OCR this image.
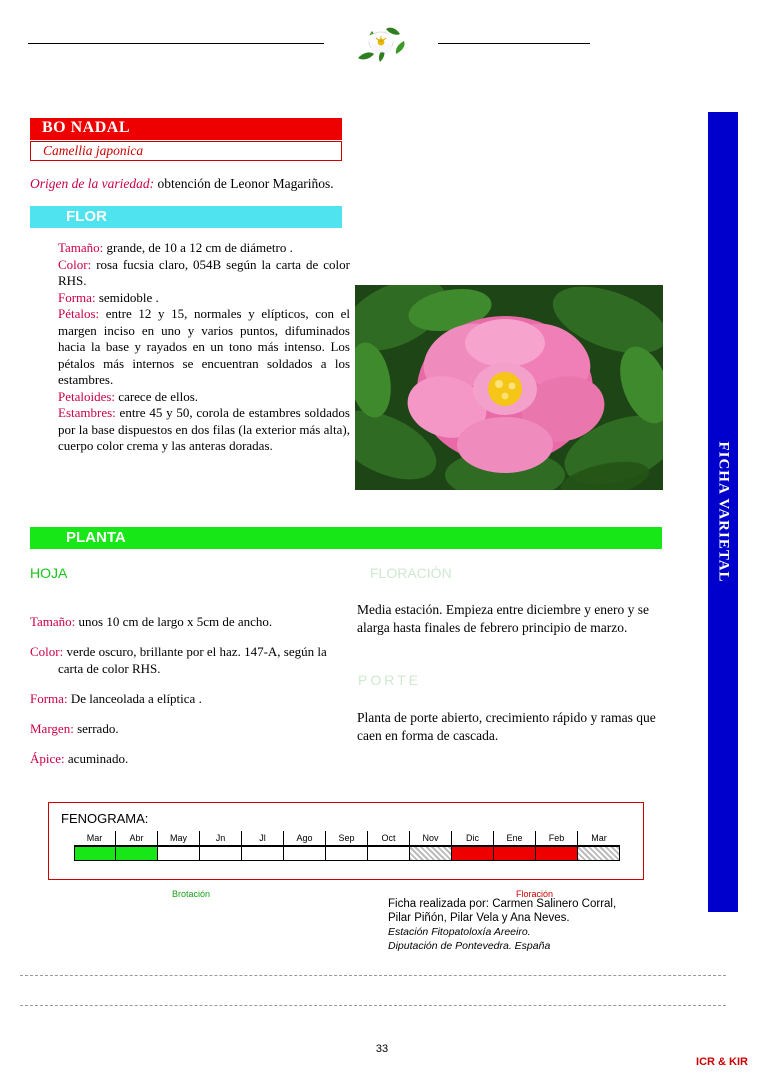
FICHA VARIETAL
BO NADAL
Camellia japonica
Origen de la variedad: obtención de Leonor Magariños.
FLOR

Tamaño: grande, de 10 a 12 cm de diámetro .

Color: rosa fucsia claro, 054B según la carta de color RHS.

Forma: semidoble .

Pétalos: entre 12 y 15, normales y elípticos, con el margen inciso en uno y varios puntos, difuminados hacia la base y rayados en un tono más intenso. Los pétalos más internos se encuentran soldados a los estambres.

Petaloides: carece de ellos.

Estambres: entre 45 y 50, corola de estambres soldados por la base dispuestos en dos filas (la exterior más alta), cuerpo color crema y las anteras doradas.

PLANTA
HOJA	FLORACIÓN
PORTE

Tamaño: unos 10 cm de largo x 5cm de ancho.

Color: verde oscuro, brillante por el haz. 147-A, según la carta de color RHS.

Forma: De lanceolada a elíptica .

Margen: serrado.

Ápice: acuminado.

Media estación. Empieza entre diciembre y enero y se alarga hasta finales de febrero principio de marzo.
Planta de porte abierto, crecimiento rápido y ramas que caen en forma de cascada.
FENOGRAMA:
Mar	Abr	May	Jn	Jl	Ago	Sep	Oct	Nov	Dic	Ene	Feb	Mar
Brotación	Floración
Ficha realizada por: Carmen Salinero Corral,
Pilar Piñón, Pilar Vela y Ana Neves.
Estación Fitopatoloxía Areeiro.
Diputación de Pontevedra. España
33
ICR & KIR
